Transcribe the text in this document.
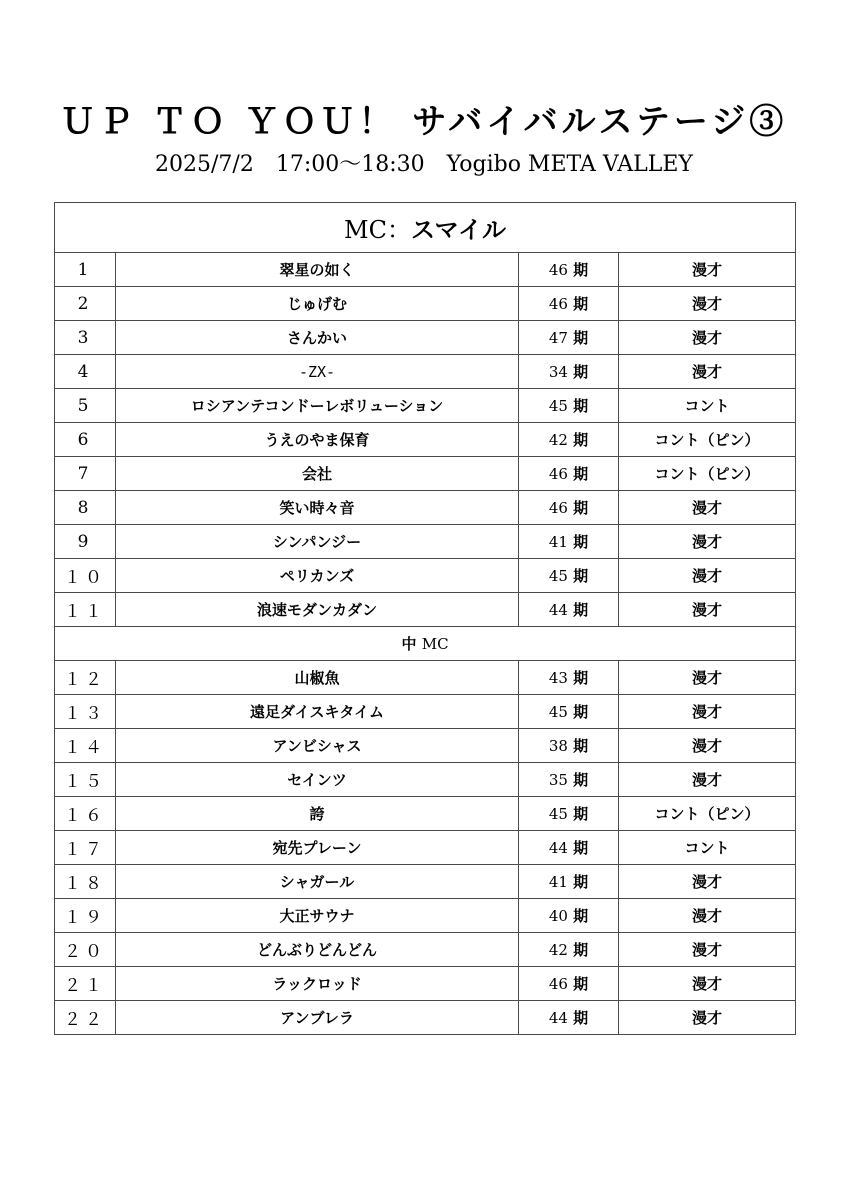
ＵＰ ＴＯ ＹＯＵ！ サバイバルステージ③
2025/7/2　17:00～18:30　Yogibo META VALLEY
MC：スマイル			
1	翠星の如く	46 期	漫才
2	じゅげむ	46 期	漫才
3	さんかい	47 期	漫才
4	-ZX-	34 期	漫才
5	ロシアンテコンドーレボリューション	45 期	コント
6	うえのやま保育	42 期	コント（ピン）
7	会社	46 期	コント（ピン）
8	笑い時々音	46 期	漫才
9	シンパンジー	41 期	漫才
１０	ペリカンズ	45 期	漫才
１１	浪速モダンカダン	44 期	漫才
中 MC			
１２	山椒魚	43 期	漫才
１３	遠足ダイスキタイム	45 期	漫才
１４	アンビシャス	38 期	漫才
１５	セインツ	35 期	漫才
１６	誇	45 期	コント（ピン）
１７	宛先プレーン	44 期	コント
１８	シャガール	41 期	漫才
１９	大正サウナ	40 期	漫才
２０	どんぶりどんどん	42 期	漫才
２１	ラックロッド	46 期	漫才
２２	アンブレラ	44 期	漫才
